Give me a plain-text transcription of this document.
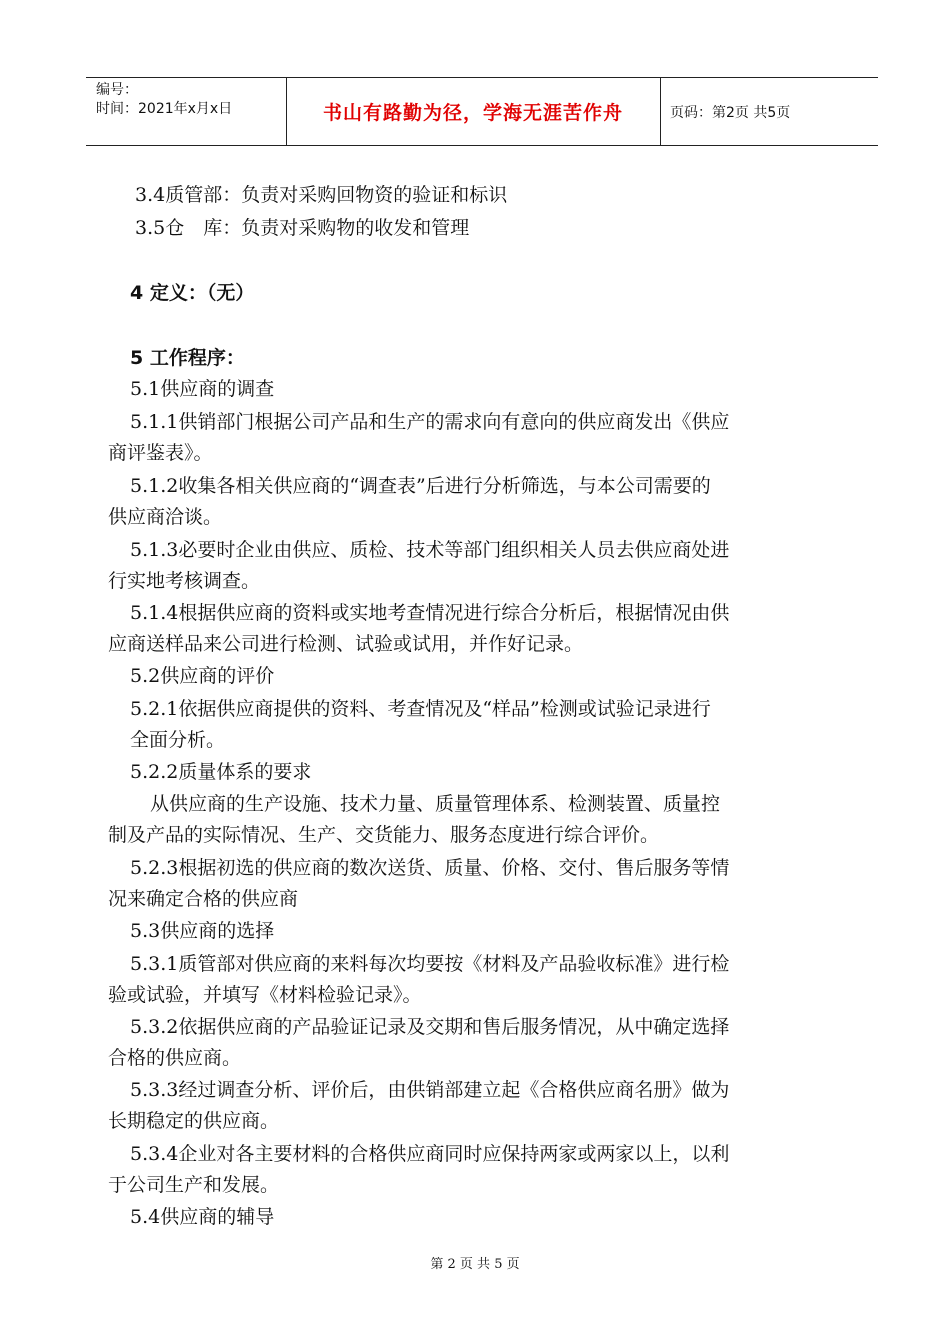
编号：
时间：2021年x月x日	书山有路勤为径，学海无涯苦作舟	页码：第2页 共5页
3.4质管部：负责对采购回物资的验证和标识
3.5仓　库：负责对采购物的收发和管理
4 定义：（无）
5 工作程序：
5.1供应商的调查
5.1.1供销部门根据公司产品和生产的需求向有意向的供应商发出《供应
商评鉴表》。
5.1.2收集各相关供应商的“调查表”后进行分析筛选，与本公司需要的
供应商洽谈。
5.1.3必要时企业由供应、质检、技术等部门组织相关人员去供应商处进
行实地考核调查。
5.1.4根据供应商的资料或实地考查情况进行综合分析后，根据情况由供
应商送样品来公司进行检测、试验或试用，并作好记录。
5.2供应商的评价
5.2.1依据供应商提供的资料、考查情况及“样品”检测或试验记录进行
全面分析。
5.2.2质量体系的要求
从供应商的生产设施、技术力量、质量管理体系、检测装置、质量控
制及产品的实际情况、生产、交货能力、服务态度进行综合评价。
5.2.3根据初选的供应商的数次送货、质量、价格、交付、售后服务等情
况来确定合格的供应商
5.3供应商的选择
5.3.1质管部对供应商的来料每次均要按《材料及产品验收标准》进行检
验或试验，并填写《材料检验记录》。
5.3.2依据供应商的产品验证记录及交期和售后服务情况，从中确定选择
合格的供应商。
5.3.3经过调查分析、评价后，由供销部建立起《合格供应商名册》做为
长期稳定的供应商。
5.3.4企业对各主要材料的合格供应商同时应保持两家或两家以上，以利
于公司生产和发展。
5.4供应商的辅导
第 2 页 共 5 页
